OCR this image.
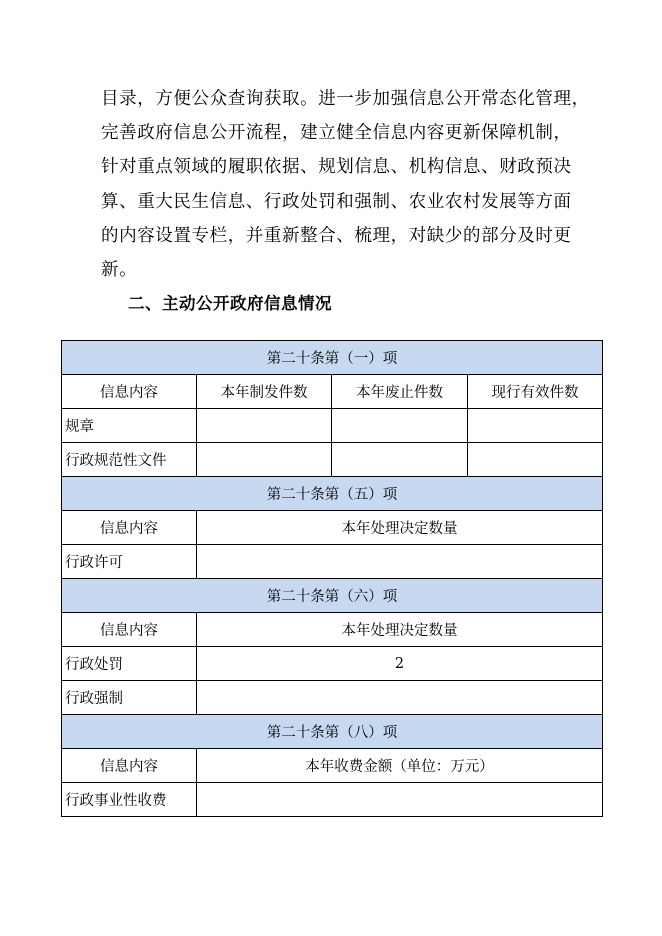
目录，方便公众查询获取。进一步加强信息公开常态化管理，
完善政府信息公开流程，建立健全信息内容更新保障机制，
针对重点领域的履职依据、规划信息、机构信息、财政预决
算、重大民生信息、行政处罚和强制、农业农村发展等方面
的内容设置专栏，并重新整合、梳理，对缺少的部分及时更
新。
二、主动公开政府信息情况
第二十条第（一）项			
信息内容	本年制发件数	本年废止件数	现行有效件数
规章			
行政规范性文件			
第二十条第（五）项			
信息内容	本年处理决定数量		
行政许可			
第二十条第（六）项			
信息内容	本年处理决定数量		
行政处罚	2		
行政强制			
第二十条第（八）项			
信息内容	本年收费金额（单位：万元）		
行政事业性收费			
